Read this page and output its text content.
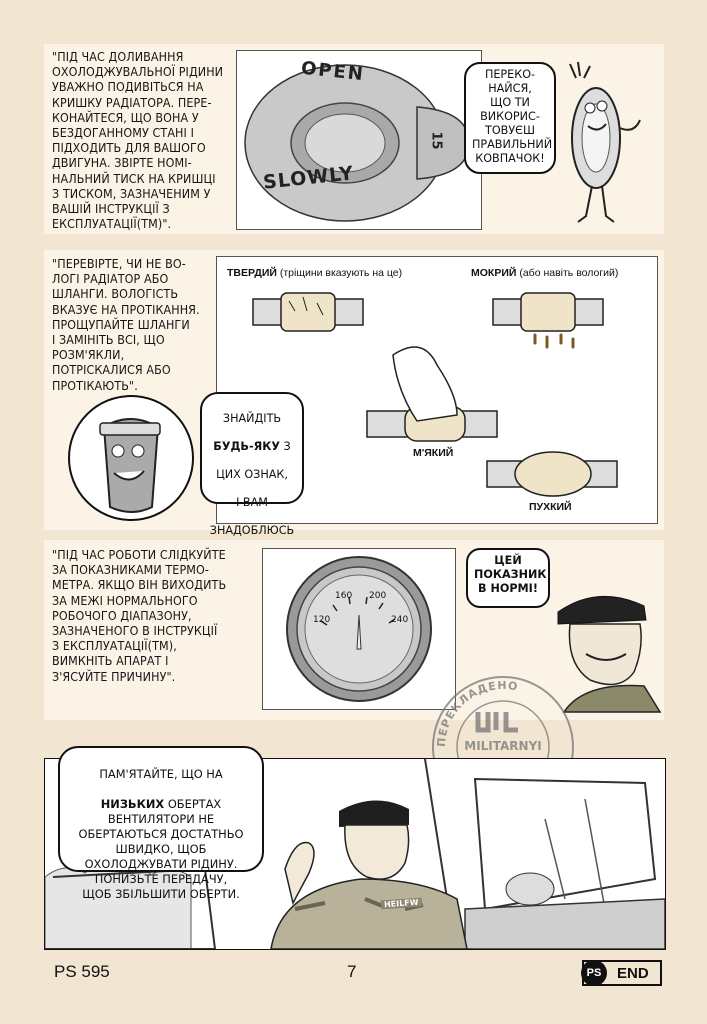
"ПІД ЧАС ДОЛИВАННЯ
ОХОЛОДЖУВАЛЬНОЇ РІДИНИ
УВАЖНО ПОДИВІТЬСЯ НА
КРИШКУ РАДІАТОРА. ПЕРЕ-
КОНАЙТЕСЯ, ЩО ВОНА У
БЕЗДОГАННОМУ СТАНІ І
ПІДХОДИТЬ ДЛЯ ВАШОГО
ДВИГУНА. ЗВІРТЕ НОМІ-
НАЛЬНИЙ ТИСК НА КРИШЦІ
З ТИСКОМ, ЗАЗНАЧЕНИМ У
ВАШІЙ ІНСТРУКЦІЇ З
ЕКСПЛУАТАЦІЇ(ТМ)".
OPEN
SLOWLY
15
ПЕРЕКО-
НАЙСЯ,
ЩО ТИ
ВИКОРИС-
ТОВУЄШ
ПРАВИЛЬНИЙ
КОВПАЧОК!
"ПЕРЕВІРТЕ, ЧИ НЕ ВО-
ЛОГІ РАДІАТОР АБО
ШЛАНГИ. ВОЛОГІСТЬ
ВКАЗУЄ НА ПРОТІКАННЯ.
ПРОЩУПАЙТЕ ШЛАНГИ
І ЗАМІНІТЬ ВСІ, ЩО
РОЗМ'ЯКЛИ,
ПОТРІСКАЛИСЯ АБО
ПРОТІКАЮТЬ".
ТВЕРДИЙ (тріщини вказують на це)	МОКРИЙ (або навіть вологий)
М'ЯКИЙ
ПУХКИЙ

ЗНАЙДІТЬ

БУДЬ-ЯКУ З

ЦИХ ОЗНАК,

І ВАМ

ЗНАДОБЛЮСЬ

"ПІД ЧАС РОБОТИ СЛІДКУЙТЕ
ЗА ПОКАЗНИКАМИ ТЕРМО-
МЕТРА. ЯКЩО ВІН ВИХОДИТЬ
ЗА МЕЖІ НОРМАЛЬНОГО
РОБОЧОГО ДІАПАЗОНУ,
ЗАЗНАЧЕНОГО В ІНСТРУКЦІЇ
З ЕКСПЛУАТАЦІЇ(ТМ),
ВИМКНІТЬ АПАРАТ І
З'ЯСУЙТЕ ПРИЧИНУ".
120
160 200
240
ЦЕЙ
ПОКАЗНИК
В НОРМІ!
ПЕРЕКЛАДЕНО
MILITARNYI
HEILFW

ПАМ'ЯТАЙТЕ, ЩО НА

НИЗЬКИХ ОБЕРТАХ
ВЕНТИЛЯТОРИ НЕ
ОБЕРТАЮТЬСЯ ДОСТАТНЬО
ШВИДКО, ЩОБ
ОХОЛОДЖУВАТИ РІДИНУ.
ПОНИЗЬТЕ ПЕРЕДАЧУ,
ЩОБ ЗБІЛЬШИТИ ОБЕРТИ.

PS 595	7	PS	END
